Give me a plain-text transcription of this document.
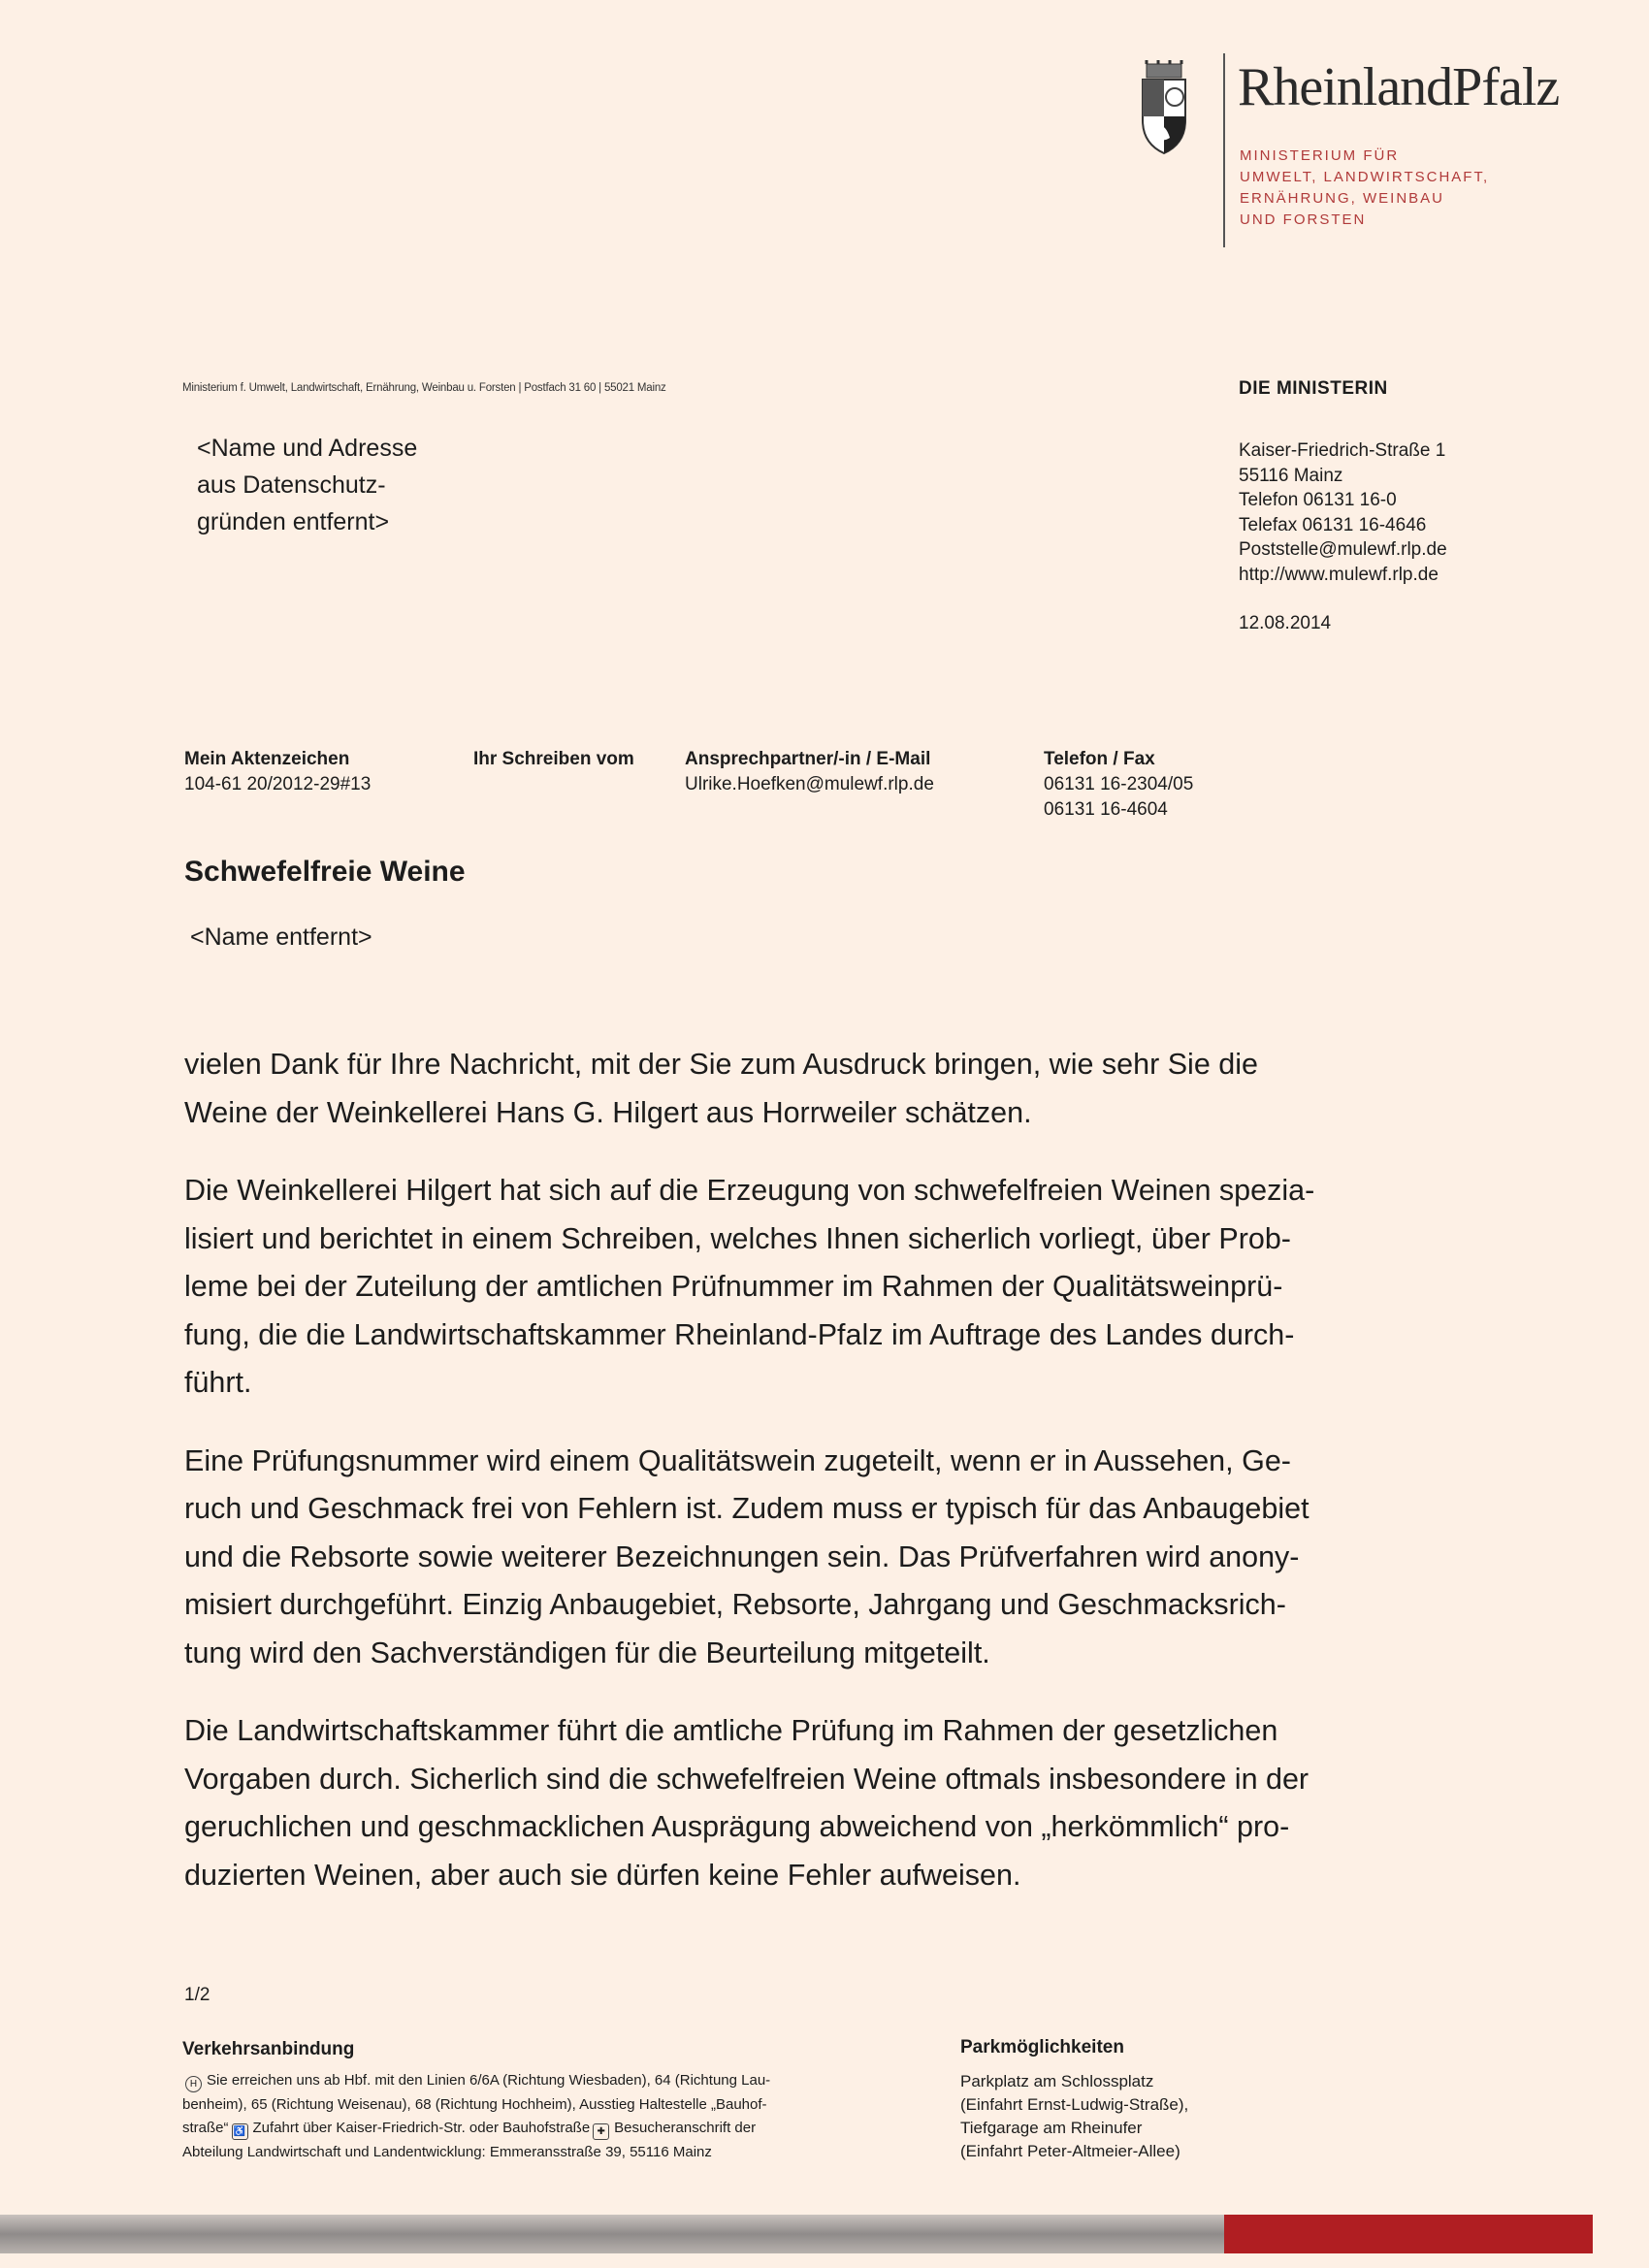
RheinlandPfalz
MINISTERIUM FÜR
UMWELT, LANDWIRTSCHAFT,
ERNÄHRUNG, WEINBAU
UND FORSTEN
Ministerium f. Umwelt, Landwirtschaft, Ernährung, Weinbau u. Forsten | Postfach 31 60 | 55021 Mainz
<Name und Adresse
aus Datenschutz-
gründen entfernt>
DIE MINISTERIN
Kaiser-Friedrich-Straße 1
55116 Mainz
Telefon 06131 16-0
Telefax 06131 16-4646
Poststelle@mulewf.rlp.de
http://www.mulewf.rlp.de
12.08.2014
Mein Aktenzeichen
104-61 20/2012-29#13
Ihr Schreiben vom	Ansprechpartner/-in / E-Mail
Ulrike.Hoefken@mulewf.rlp.de
Telefon / Fax
06131 16-2304/05
06131 16-4604
Schwefelfreie Weine
<Name entfernt>

vielen Dank für Ihre Nachricht, mit der Sie zum Ausdruck bringen, wie sehr Sie die
Weine der Weinkellerei Hans G. Hilgert aus Horrweiler schätzen.

Die Weinkellerei Hilgert hat sich auf die Erzeugung von schwefelfreien Weinen spezia-
lisiert und berichtet in einem Schreiben, welches Ihnen sicherlich vorliegt, über Prob-
leme bei der Zuteilung der amtlichen Prüfnummer im Rahmen der Qualitätsweinprü-
fung, die die Landwirtschaftskammer Rheinland-Pfalz im Auftrage des Landes durch-
führt.

Eine Prüfungsnummer wird einem Qualitätswein zugeteilt, wenn er in Aussehen, Ge-
ruch und Geschmack frei von Fehlern ist. Zudem muss er typisch für das Anbaugebiet
und die Rebsorte sowie weiterer Bezeichnungen sein. Das Prüfverfahren wird anony-
misiert durchgeführt. Einzig Anbaugebiet, Rebsorte, Jahrgang und Geschmacksrich-
tung wird den Sachverständigen für die Beurteilung mitgeteilt.

Die Landwirtschaftskammer führt die amtliche Prüfung im Rahmen der gesetzlichen
Vorgaben durch. Sicherlich sind die schwefelfreien Weine oftmals insbesondere in der
geruchlichen und geschmacklichen Ausprägung abweichend von „herkömmlich“ pro-
duzierten Weinen, aber auch sie dürfen keine Fehler aufweisen.

1/2
Verkehrsanbindung
H Sie erreichen uns ab Hbf. mit den Linien 6/6A (Richtung Wiesbaden), 64 (Richtung Lau-
benheim), 65 (Richtung Weisenau), 68 (Richtung Hochheim), Ausstieg Haltestelle „Bauhof-
straße“ ♿ Zufahrt über Kaiser-Friedrich-Str. oder Bauhofstraße ✚ Besucheranschrift der
Abteilung Landwirtschaft und Landentwicklung: Emmeransstraße 39, 55116 Mainz
Parkmöglichkeiten
Parkplatz am Schlossplatz
(Einfahrt Ernst-Ludwig-Straße),
Tiefgarage am Rheinufer
(Einfahrt Peter-Altmeier-Allee)
